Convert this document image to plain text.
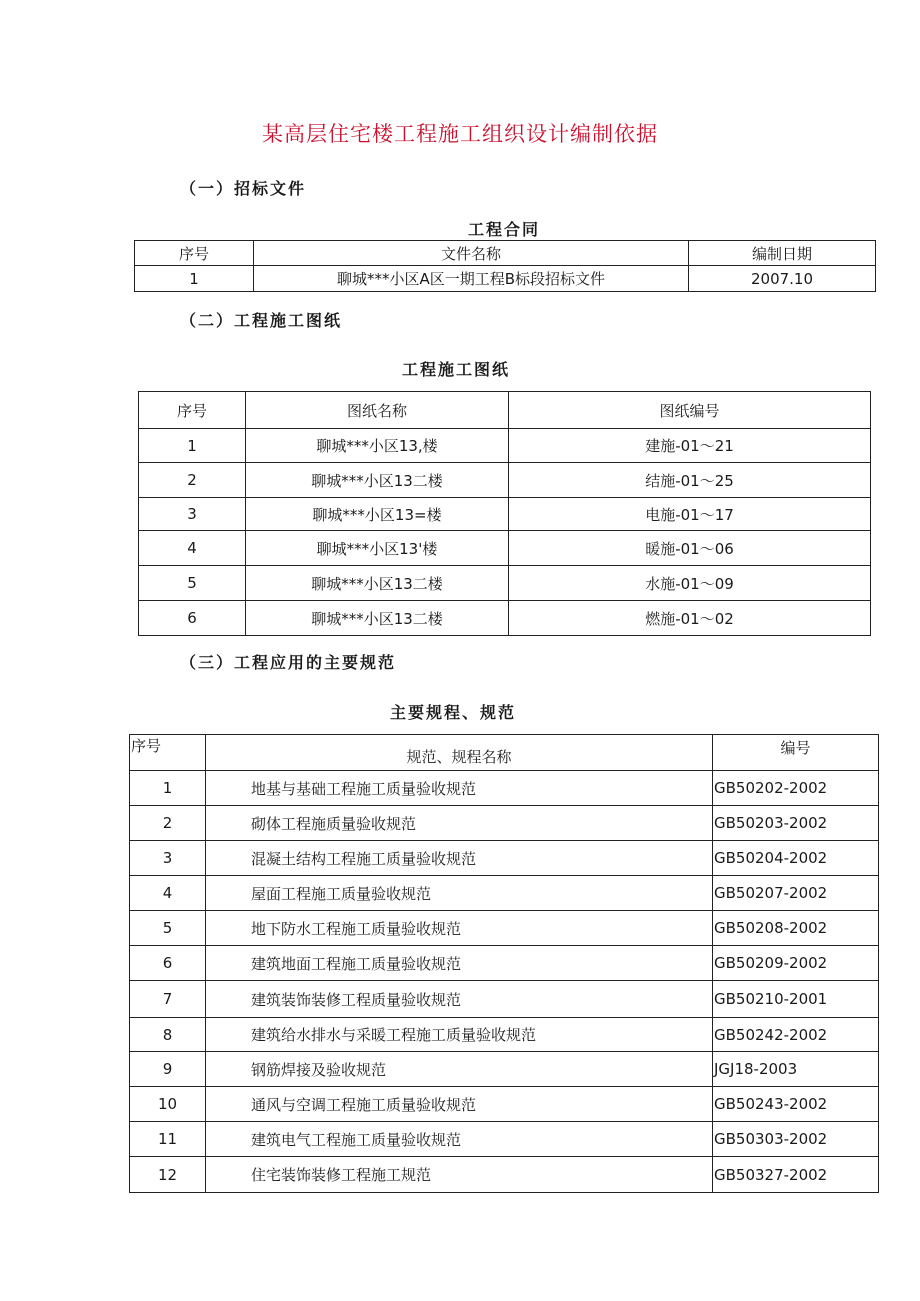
某高层住宅楼工程施工组织设计编制依据
（一）招标文件
工程合同
序号	文件名称	编制日期
1	聊城***小区A区一期工程B标段招标文件	2007.10
（二）工程施工图纸
工程施工图纸
序号	图纸名称	图纸编号
1	聊城***小区13,楼	建施-01～21
2	聊城***小区13二楼	结施-01～25
3	聊城***小区13=楼	电施-01～17
4	聊城***小区13'楼	暖施-01～06
5	聊城***小区13二楼	水施-01～09
6	聊城***小区13二楼	燃施-01～02
（三）工程应用的主要规范
主要规程、规范
序号	规范、规程名称	编号
1	地基与基础工程施工质量验收规范	GB50202-2002
2	砌体工程施质量验收规范	GB50203-2002
3	混凝土结构工程施工质量验收规范	GB50204-2002
4	屋面工程施工质量验收规范	GB50207-2002
5	地下防水工程施工质量验收规范	GB50208-2002
6	建筑地面工程施工质量验收规范	GB50209-2002
7	建筑装饰装修工程质量验收规范	GB50210-2001
8	建筑给水排水与采暖工程施工质量验收规范	GB50242-2002
9	钢筋焊接及验收规范	JGJ18-2003
10	通风与空调工程施工质量验收规范	GB50243-2002
11	建筑电气工程施工质量验收规范	GB50303-2002
12	住宅装饰装修工程施工规范	GB50327-2002
